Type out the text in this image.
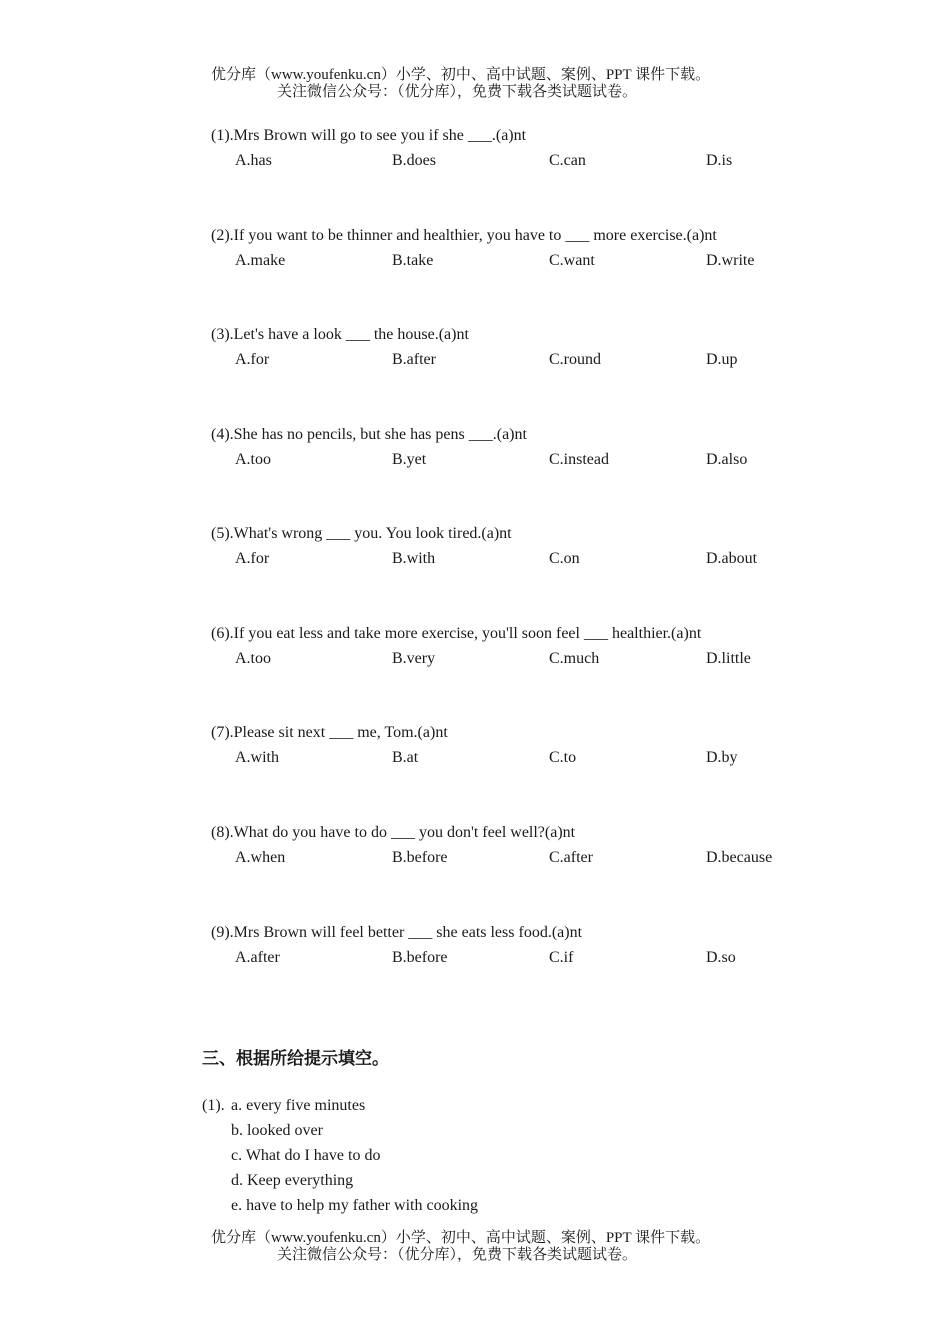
优分库（www.youfenku.cn）小学、初中、高中试题、案例、PPT 课件下载。
关注微信公众号：（优分库），免费下载各类试题试卷。
(1).Mrs Brown will go to see you if she ___.(a)nt
A.has	B.does	C.can	D.is
(2).If you want to be thinner and healthier, you have to ___ more exercise.(a)nt
A.make	B.take	C.want	D.write
(3).Let's have a look ___ the house.(a)nt
A.for	B.after	C.round	D.up
(4).She has no pencils, but she has pens ___.(a)nt
A.too	B.yet	C.instead	D.also
(5).What's wrong ___ you. You look tired.(a)nt
A.for	B.with	C.on	D.about
(6).If you eat less and take more exercise, you'll soon feel ___ healthier.(a)nt
A.too	B.very	C.much	D.little
(7).Please sit next ___ me, Tom.(a)nt
A.with	B.at	C.to	D.by
(8).What do you have to do ___ you don't feel well?(a)nt
A.when	B.before	C.after	D.because
(9).Mrs Brown will feel better ___ she eats less food.(a)nt
A.after	B.before	C.if	D.so
三、根据所给提示填空。
(1). a. every five minutes
b. looked over
c. What do I have to do
d. Keep everything
e. have to help my father with cooking
优分库（www.youfenku.cn）小学、初中、高中试题、案例、PPT 课件下载。
关注微信公众号：（优分库），免费下载各类试题试卷。
